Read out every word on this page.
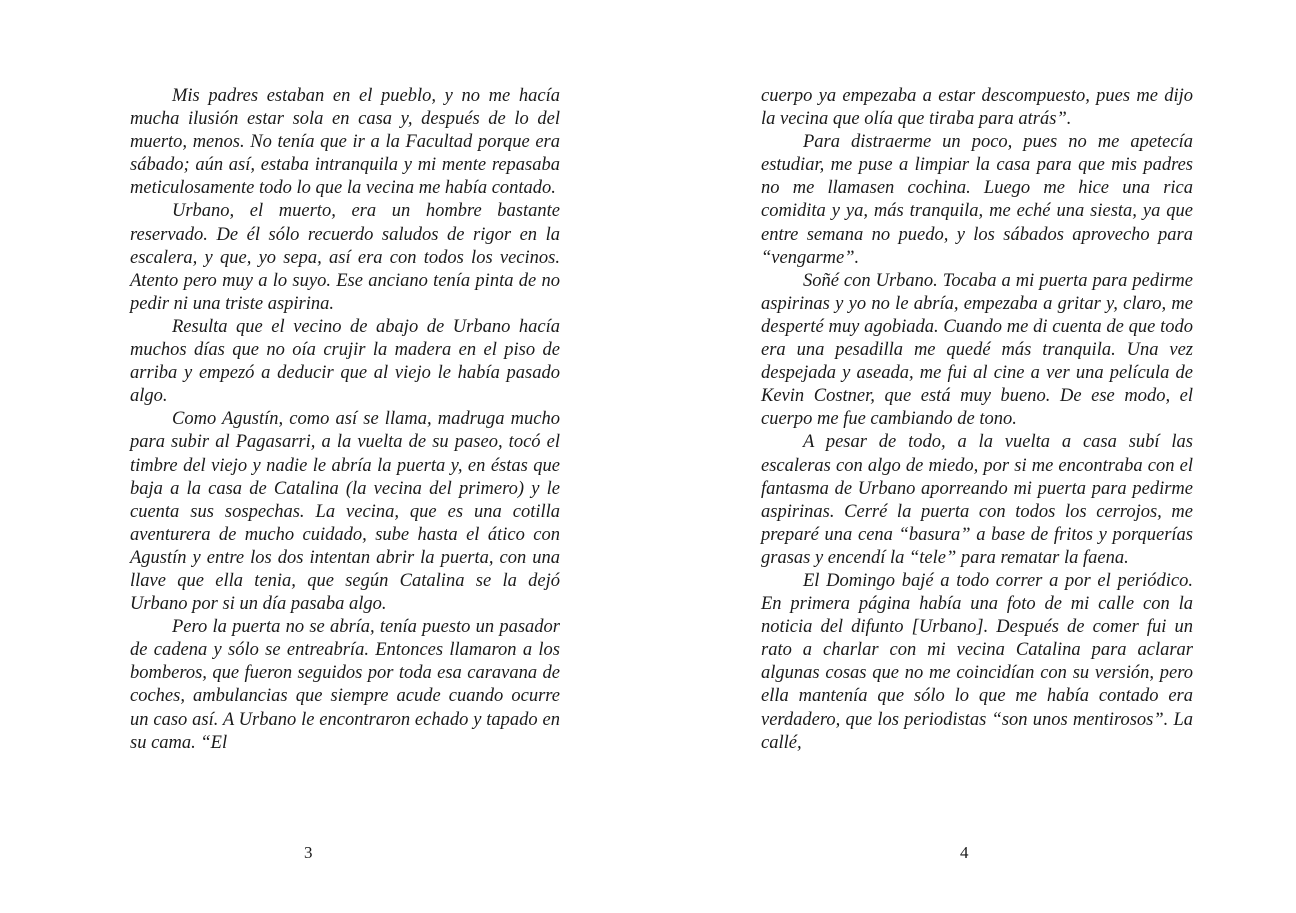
Mis padres estaban en el pueblo, y no me hacía mucha ilusión estar sola en casa y, después de lo del muerto, menos. No tenía que ir a la Facultad porque era sábado; aún así, estaba intranquila y mi mente repasaba meticulosamente todo lo que la vecina me había contado.

Urbano, el muerto, era un hombre bastante reservado. De él sólo recuerdo saludos de rigor en la escalera, y que, yo sepa, así era con todos los vecinos. Atento pero muy a lo suyo. Ese anciano tenía pinta de no pedir ni una triste aspirina.

Resulta que el vecino de abajo de Urbano hacía muchos días que no oía crujir la madera en el piso de arriba y empezó a deducir que al viejo le había pasado algo.

Como Agustín, como así se llama, madruga mucho para subir al Pagasarri, a la vuelta de su paseo, tocó el timbre del viejo y nadie le abría la puerta y, en éstas que baja a la casa de Catalina (la vecina del primero) y le cuenta sus sospechas. La vecina, que es una cotilla aventurera de mucho cuidado, sube hasta el ático con Agustín y entre los dos intentan abrir la puerta, con una llave que ella tenia, que según Catalina se la dejó Urbano por si un día pasaba algo.

Pero la puerta no se abría, tenía puesto un pasador de cadena y sólo se entreabría. Entonces llamaron a los bomberos, que fueron seguidos por toda esa caravana de coches, ambulancias que siempre acude cuando ocurre un caso así. A Urbano le encontraron echado y tapado en su cama. “El

3

cuerpo ya empezaba a estar descompuesto, pues me dijo la vecina que olía que tiraba para atrás”.

Para distraerme un poco, pues no me apetecía estudiar, me puse a limpiar la casa para que mis padres no me llamasen cochina. Luego me hice una rica comidita y ya, más tranquila, me eché una siesta, ya que entre semana no puedo, y los sábados aprovecho para “vengarme”.

Soñé con Urbano. Tocaba a mi puerta para pedirme aspirinas y yo no le abría, empezaba a gritar y, claro, me desperté muy agobiada. Cuando me di cuenta de que todo era una pesadilla me quedé más tranquila. Una vez despejada y aseada, me fui al cine a ver una película de Kevin Costner, que está muy bueno. De ese modo, el cuerpo me fue cambiando de tono.

A pesar de todo, a la vuelta a casa subí las escaleras con algo de miedo, por si me encontraba con el fantasma de Urbano aporreando mi puerta para pedirme aspirinas. Cerré la puerta con todos los cerrojos, me preparé una cena “basura” a base de fritos y porquerías grasas y encendí la “tele” para rematar la faena.

El Domingo bajé a todo correr a por el periódico. En primera página había una foto de mi calle con la noticia del difunto [Urbano]. Después de comer fui un rato a charlar con mi vecina Catalina para aclarar algunas cosas que no me coincidían con su versión, pero ella mantenía que sólo lo que me había contado era verdadero, que los periodistas “son unos mentirosos”. La callé,

4
